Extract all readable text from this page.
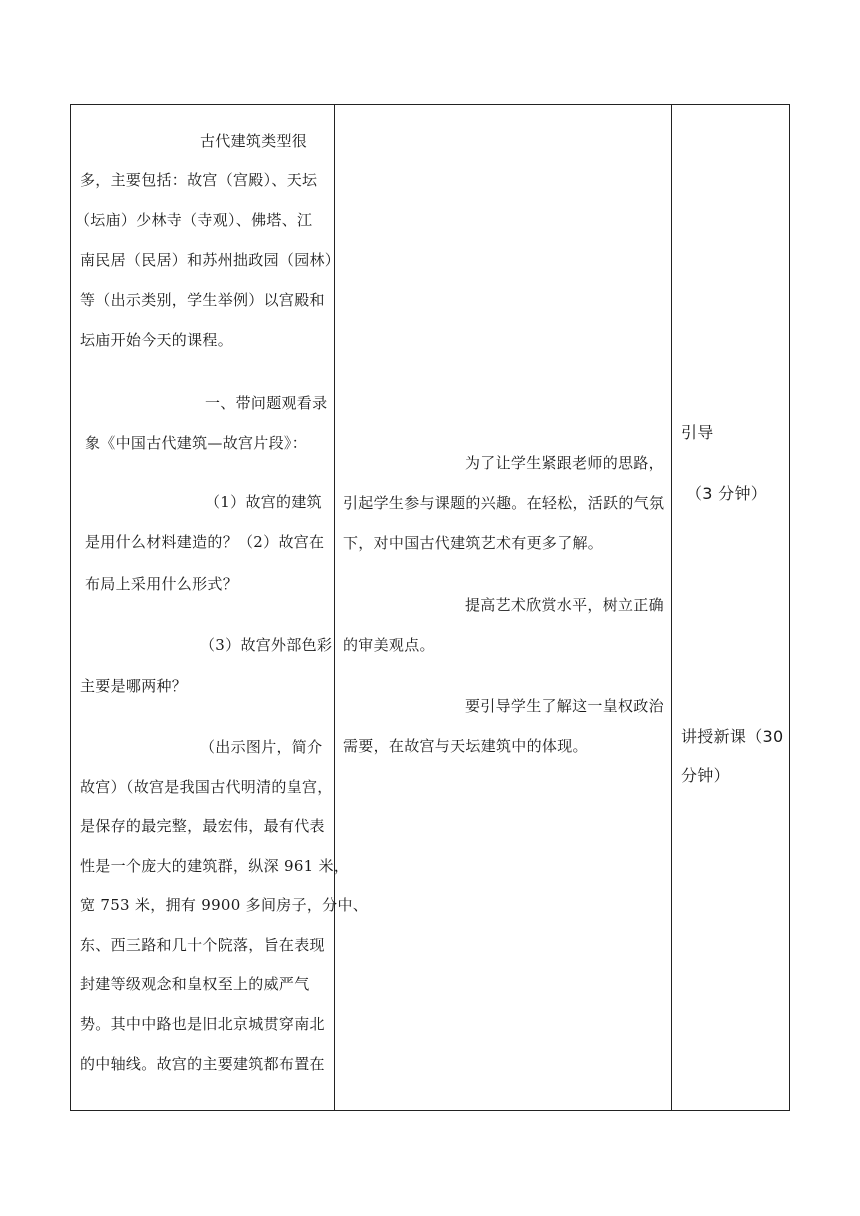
古代建筑类型很
多，主要包括：故宫（宫殿）、天坛
（坛庙）少林寺（寺观）、佛塔、江
南民居（民居）和苏州拙政园（园林）
等（出示类别，学生举例）以宫殿和
坛庙开始今天的课程。
一、带问题观看录
象《中国古代建筑—故宫片段》：
（1）故宫的建筑
是用什么材料建造的？（2）故宫在
布局上采用什么形式？
（3）故宫外部色彩
主要是哪两种？
（出示图片，简介
故宫）（故宫是我国古代明清的皇宫，
是保存的最完整，最宏伟，最有代表
性是一个庞大的建筑群，纵深 961 米，
宽 753 米，拥有 9900 多间房子，分中、
东、西三路和几十个院落，旨在表现
封建等级观念和皇权至上的威严气
势。其中中路也是旧北京城贯穿南北
的中轴线。故宫的主要建筑都布置在
为了让学生紧跟老师的思路，
引起学生参与课题的兴趣。在轻松，活跃的气氛
下，对中国古代建筑艺术有更多了解。
提高艺术欣赏水平，树立正确
的审美观点。
要引导学生了解这一皇权政治
需要，在故宫与天坛建筑中的体现。
引导
（3 分钟）
讲授新课（30
分钟）
